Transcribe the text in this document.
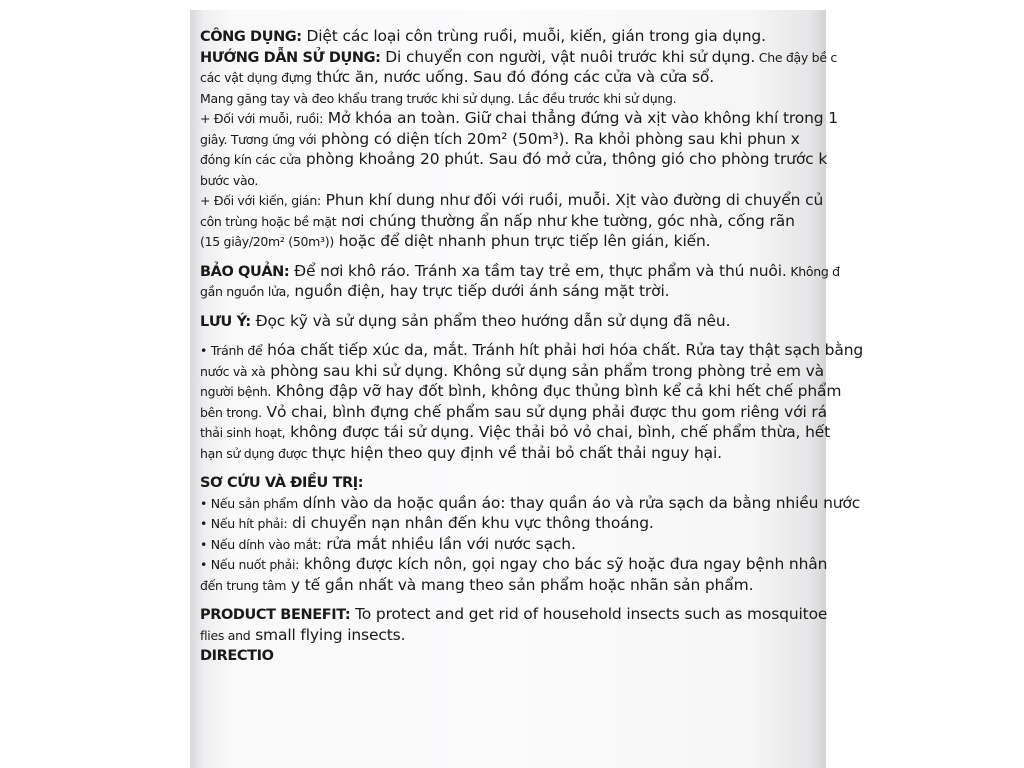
CÔNG DỤNG: Diệt các loại côn trùng ruồi, muỗi, kiến, gián trong gia dụng.
HƯỚNG DẪN SỬ DỤNG: Di chuyển con người, vật nuôi trước khi sử dụng. Che đậy bề c
các vật dụng đựng thức ăn, nước uống. Sau đó đóng các cửa và cửa sổ.
Mang găng tay và đeo khẩu trang trước khi sử dụng. Lắc đều trước khi sử dụng.
+ Đối với muỗi, ruồi: Mở khóa an toàn. Giữ chai thẳng đứng và xịt vào không khí trong 1
giây. Tương ứng với phòng có diện tích 20m² (50m³). Ra khỏi phòng sau khi phun x
đóng kín các cửa phòng khoảng 20 phút. Sau đó mở cửa, thông gió cho phòng trước k
bước vào.
+ Đối với kiến, gián: Phun khí dung như đối với ruồi, muỗi. Xịt vào đường di chuyển củ
côn trùng hoặc bề mặt nơi chúng thường ẩn nấp như khe tường, góc nhà, cống rãn
(15 giây/20m² (50m³)) hoặc để diệt nhanh phun trực tiếp lên gián, kiến.
BẢO QUẢN: Để nơi khô ráo. Tránh xa tầm tay trẻ em, thực phẩm và thú nuôi. Không đ
gần nguồn lửa, nguồn điện, hay trực tiếp dưới ánh sáng mặt trời.
LƯU Ý: Đọc kỹ và sử dụng sản phẩm theo hướng dẫn sử dụng đã nêu.
• Tránh để hóa chất tiếp xúc da, mắt. Tránh hít phải hơi hóa chất. Rửa tay thật sạch bằng
nước và xà phòng sau khi sử dụng. Không sử dụng sản phẩm trong phòng trẻ em và
người bệnh. Không đập vỡ hay đốt bình, không đục thủng bình kể cả khi hết chế phẩm
bên trong. Vỏ chai, bình đựng chế phẩm sau sử dụng phải được thu gom riêng với rá
thải sinh hoạt, không được tái sử dụng. Việc thải bỏ vỏ chai, bình, chế phẩm thừa, hết
hạn sử dụng được thực hiện theo quy định về thải bỏ chất thải nguy hại.
SƠ CỨU VÀ ĐIỀU TRỊ:
• Nếu sản phẩm dính vào da hoặc quần áo: thay quần áo và rửa sạch da bằng nhiều nước
• Nếu hít phải: di chuyển nạn nhân đến khu vực thông thoáng.
• Nếu dính vào mắt: rửa mắt nhiều lần với nước sạch.
• Nếu nuốt phải: không được kích nôn, gọi ngay cho bác sỹ hoặc đưa ngay bệnh nhân
đến trung tâm y tế gần nhất và mang theo sản phẩm hoặc nhãn sản phẩm.
PRODUCT BENEFIT: To protect and get rid of household insects such as mosquitoe
flies and small flying insects.
DIRECTIO
